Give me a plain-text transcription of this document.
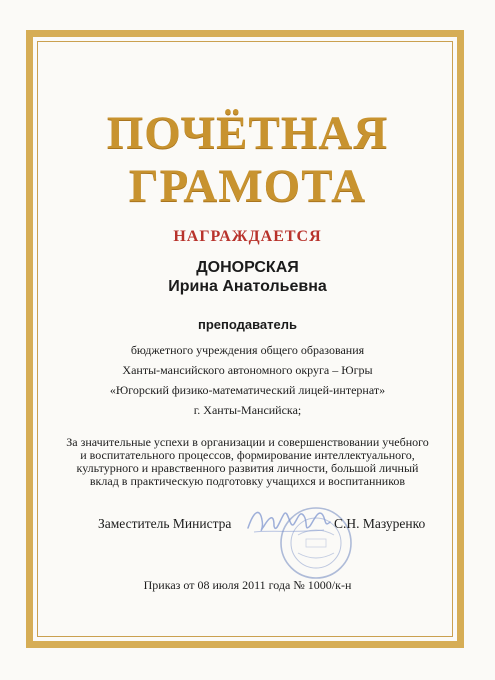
ПОЧЁТНАЯ
ГРАМОТА
НАГРАЖДАЕТСЯ
ДОНОРСКАЯ
Ирина Анатольевна
преподаватель
бюджетного учреждения общего образования
Ханты-мансийского автономного округа – Югры
«Югорский физико-математический лицей-интернат»
г. Ханты-Мансийска;
За значительные успехи в организации и совершенствовании учебного
и воспитательного процессов, формирование интеллектуального,
культурного и нравственного развития личности, большой личный
вклад в практическую подготовку учащихся и воспитанников
Заместитель Министра	С.Н. Мазуренко
Приказ от 08 июля 2011 года № 1000/к-н
